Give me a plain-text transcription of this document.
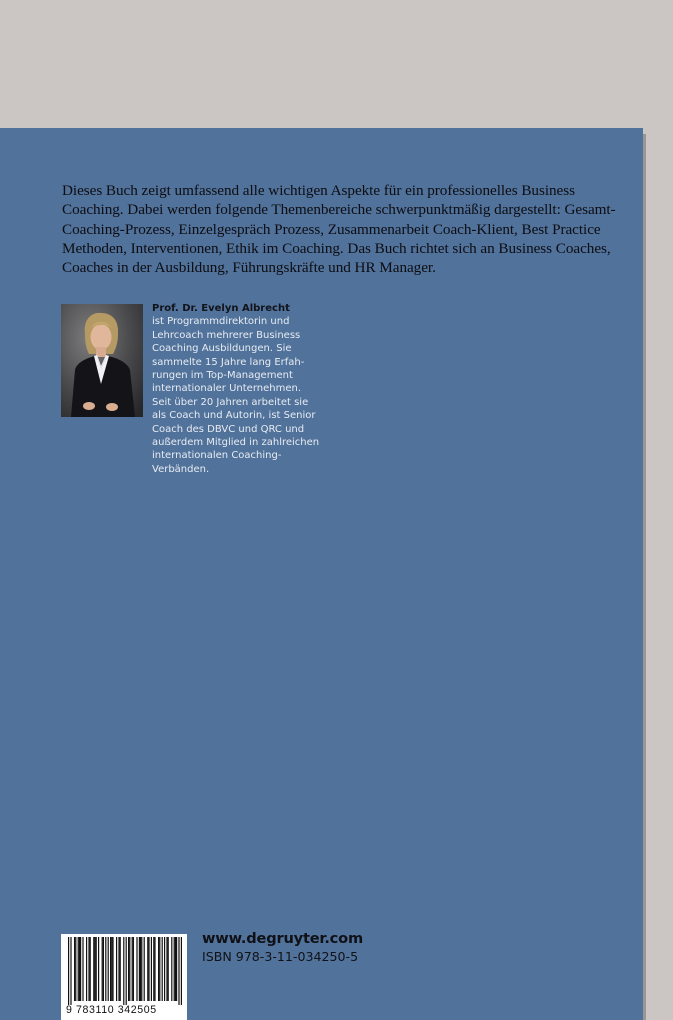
Dieses Buch zeigt umfassend alle wichtigen Aspekte für ein professionelles Business Coaching. Dabei werden folgende Themenbereiche schwerpunktmäßig dargestellt: Gesamt-Coaching-Prozess, Einzelgespräch Prozess, Zusammenarbeit Coach-Klient, Best Practice Methoden, Interventionen, Ethik im Coaching. Das Buch richtet sich an Business Coaches, Coaches in der Ausbildung, Führungskräfte und HR Manager.

Prof. Dr. Evelyn Albrecht
ist Programmdirektorin und
Lehrcoach mehrerer Business
Coaching Ausbildungen. Sie
sammelte 15 Jahre lang Erfah-
rungen im Top-Management
internationaler Unternehmen.
Seit über 20 Jahren arbeitet sie
als Coach und Autorin, ist Senior
Coach des DBVC und QRC und
außerdem Mitglied in zahlreichen
internationalen Coaching-
Verbänden.
9 783110 342505
www.degruyter.com
ISBN 978-3-11-034250-5
